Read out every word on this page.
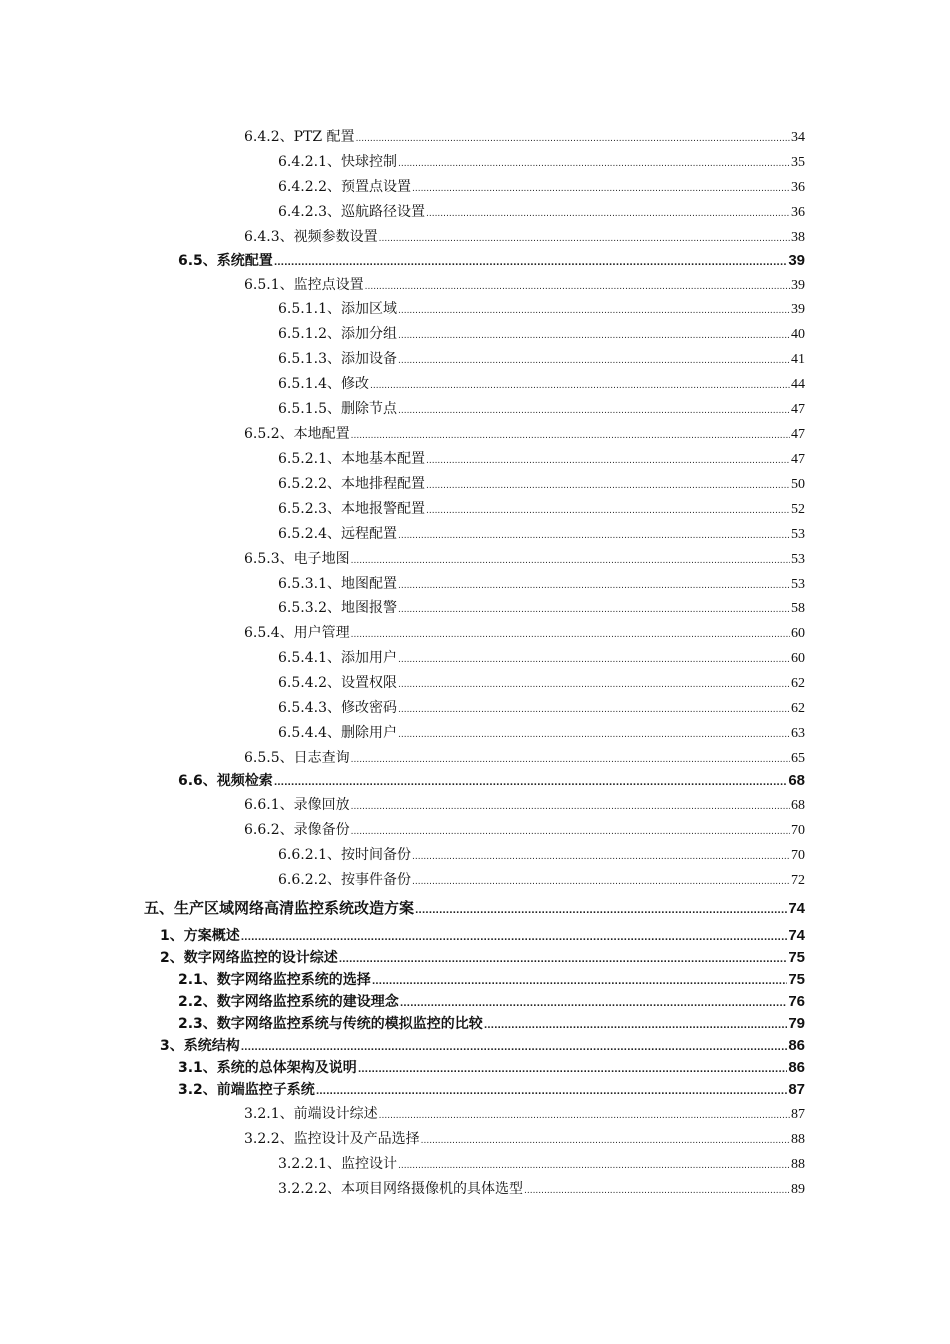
6.4.2、PTZ 配置 .....	34
6.4.2.1、快球控制 .....	35
6.4.2.2、预置点设置 .....	36
6.4.2.3、巡航路径设置 .....	36
6.4.3、视频参数设置 .....	38
6.5、系统配置 .....	39
6.5.1、监控点设置 .....	39
6.5.1.1、添加区域 .....	39
6.5.1.2、添加分组 .....	40
6.5.1.3、添加设备 .....	41
6.5.1.4、修改 .....	44
6.5.1.5、删除节点 .....	47
6.5.2、本地配置 .....	47
6.5.2.1、本地基本配置 .....	47
6.5.2.2、本地排程配置 .....	50
6.5.2.3、本地报警配置 .....	52
6.5.2.4、远程配置 .....	53
6.5.3、电子地图 .....	53
6.5.3.1、地图配置 .....	53
6.5.3.2、地图报警 .....	58
6.5.4、用户管理 .....	60
6.5.4.1、添加用户 .....	60
6.5.4.2、设置权限 .....	62
6.5.4.3、修改密码 .....	62
6.5.4.4、删除用户 .....	63
6.5.5、日志查询 .....	65
6.6、视频检索 .....	68
6.6.1、录像回放 .....	68
6.6.2、录像备份 .....	70
6.6.2.1、按时间备份 .....	70
6.6.2.2、按事件备份 .....	72
五、生产区域网络高清监控系统改造方案 .....	74
1、方案概述 .....	74
2、数字网络监控的设计综述 .....	75
2.1、数字网络监控系统的选择 .....	75
2.2、数字网络监控系统的建设理念 .....	76
2.3、数字网络监控系统与传统的模拟监控的比较 .....	79
3、系统结构 .....	86
3.1、系统的总体架构及说明 .....	86
3.2、前端监控子系统 .....	87
3.2.1、前端设计综述 .....	87
3.2.2、监控设计及产品选择 .....	88
3.2.2.1、监控设计 .....	88
3.2.2.2、本项目网络摄像机的具体选型 .....	89
